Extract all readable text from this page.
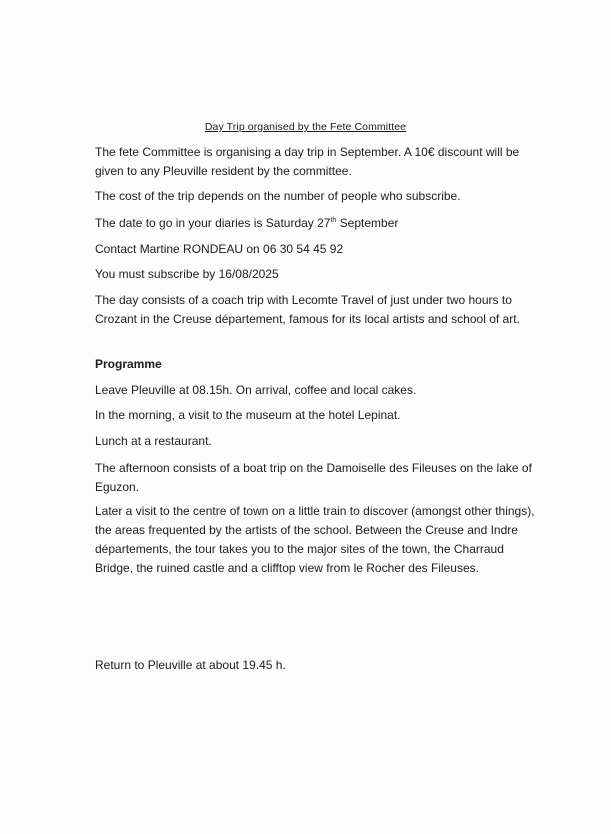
Day Trip organised by the Fete Committee

The fete Committee is organising a day trip in September. A 10€ discount will be given to any Pleuville resident by the committee.

The cost of the trip depends on the number of people who subscribe.

The date to go in your diaries is Saturday 27th September

Contact Martine RONDEAU on 06 30 54 45 92

You must subscribe by 16/08/2025

The day consists of a coach trip with Lecomte Travel of just under two hours to Crozant in the Creuse département, famous for its local artists and school of art.

Programme

Leave Pleuville at 08.15h. On arrival, coffee and local cakes.

In the morning, a visit to the museum at the hotel Lepinat.

Lunch at a restaurant.

The afternoon consists of a boat trip on the Damoiselle des Fileuses on the lake of Eguzon.

Later a visit to the centre of town on a little train to discover (amongst other things), the areas frequented by the artists of the school. Between the Creuse and Indre départements, the tour takes you to the major sites of the town, the Charraud Bridge, the ruined castle and a clifftop view from le Rocher des Fileuses.

Return to Pleuville at about 19.45 h.
